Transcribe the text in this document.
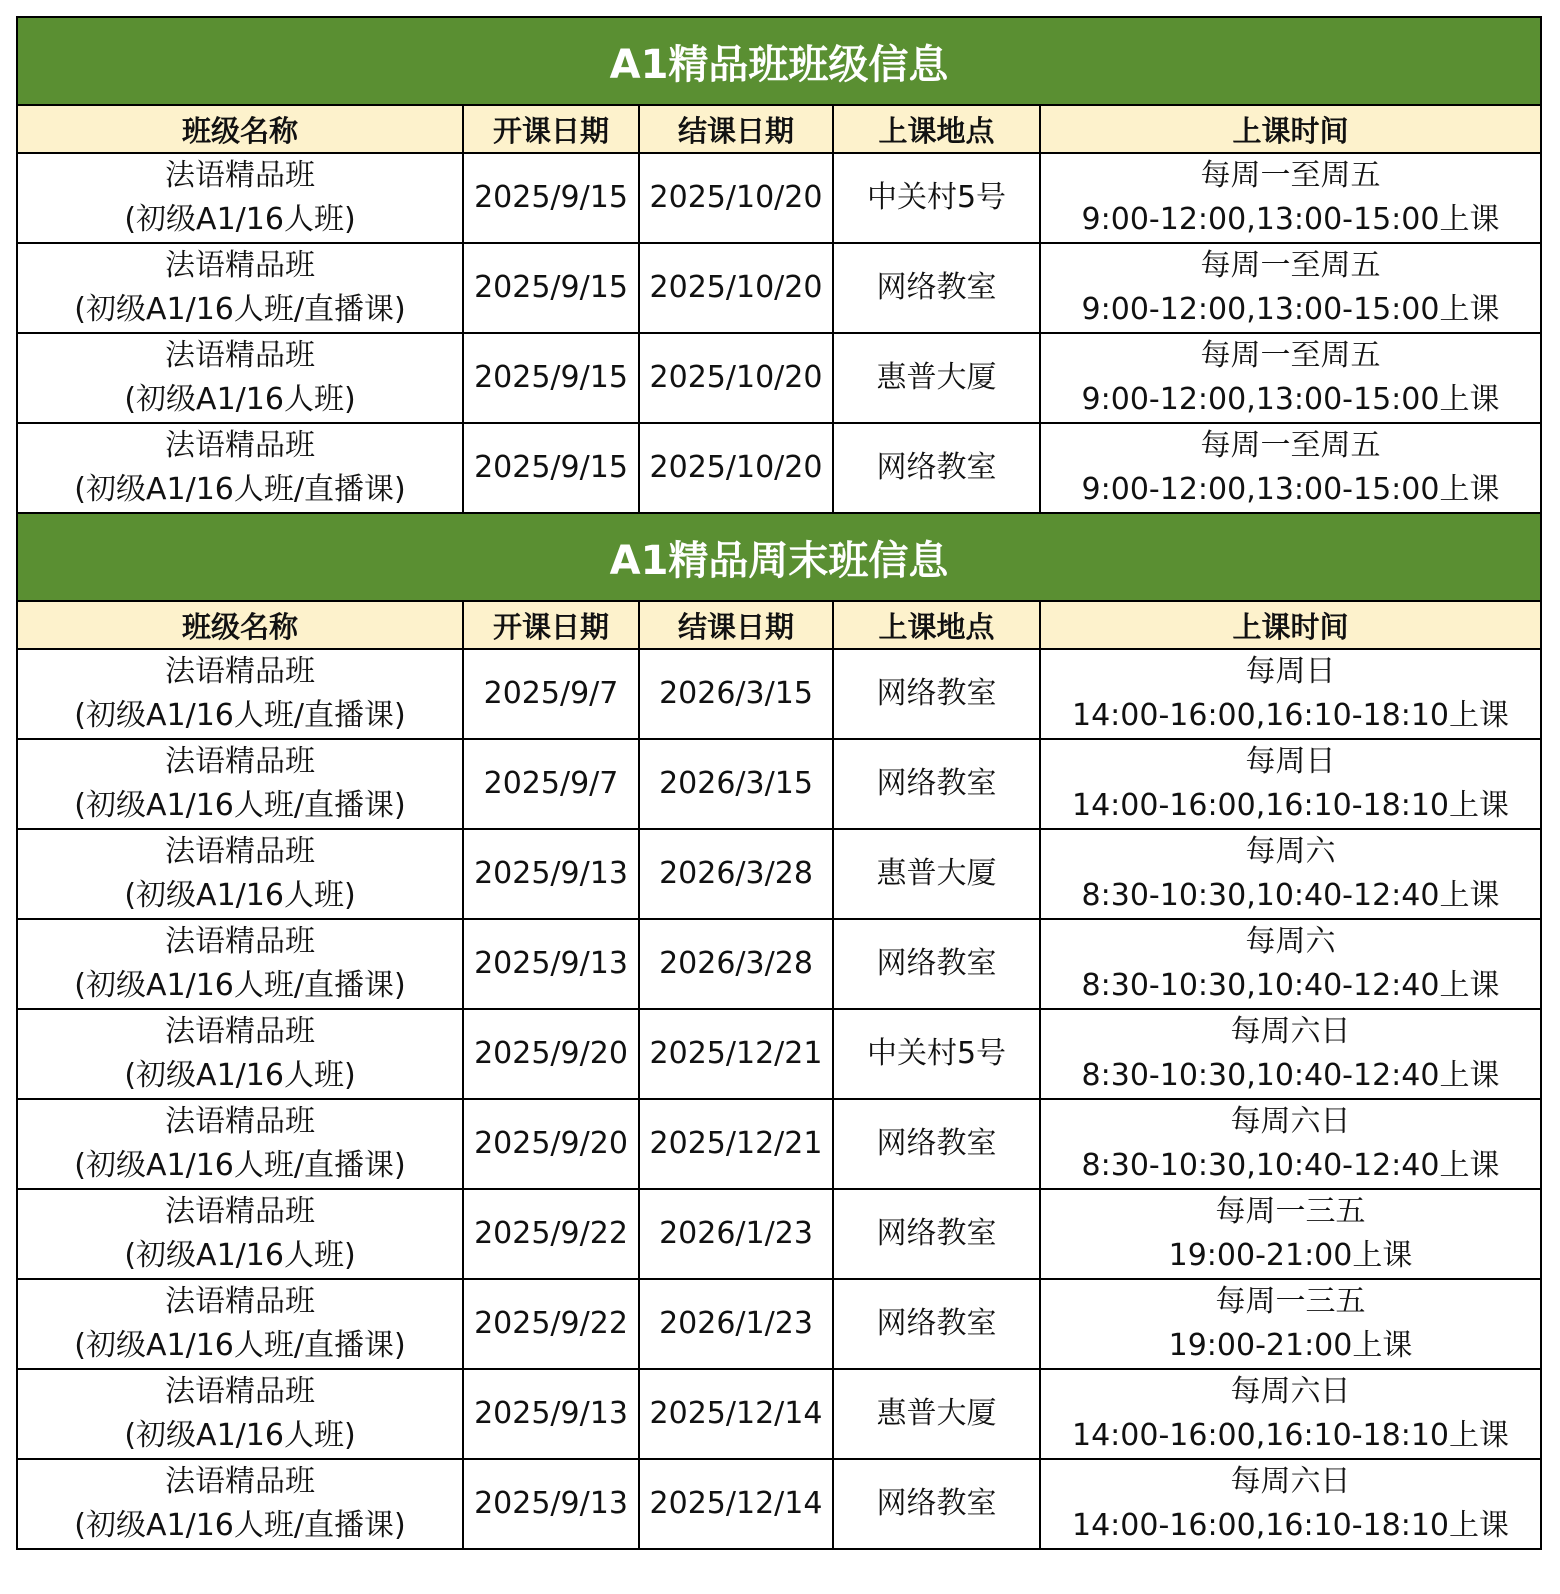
A1精品班班级信息				
班级名称	开课日期	结课日期	上课地点	上课时间

法语精品班
(初级A1/16人班)	2025/9/15	2025/10/20	中关村5号	每周一至周五
9:00-12:00,13:00-15:00上课

法语精品班
(初级A1/16人班/直播课)	2025/9/15	2025/10/20	网络教室	每周一至周五
9:00-12:00,13:00-15:00上课

法语精品班
(初级A1/16人班)	2025/9/15	2025/10/20	惠普大厦	每周一至周五
9:00-12:00,13:00-15:00上课

法语精品班
(初级A1/16人班/直播课)	2025/9/15	2025/10/20	网络教室	每周一至周五
9:00-12:00,13:00-15:00上课

A1精品周末班信息				
班级名称	开课日期	结课日期	上课地点	上课时间

法语精品班
(初级A1/16人班/直播课)	2025/9/7	2026/3/15	网络教室	每周日
14:00-16:00,16:10-18:10上课

法语精品班
(初级A1/16人班/直播课)	2025/9/7	2026/3/15	网络教室	每周日
14:00-16:00,16:10-18:10上课

法语精品班
(初级A1/16人班)	2025/9/13	2026/3/28	惠普大厦	每周六
8:30-10:30,10:40-12:40上课

法语精品班
(初级A1/16人班/直播课)	2025/9/13	2026/3/28	网络教室	每周六
8:30-10:30,10:40-12:40上课

法语精品班
(初级A1/16人班)	2025/9/20	2025/12/21	中关村5号	每周六日
8:30-10:30,10:40-12:40上课

法语精品班
(初级A1/16人班/直播课)	2025/9/20	2025/12/21	网络教室	每周六日
8:30-10:30,10:40-12:40上课

法语精品班
(初级A1/16人班)	2025/9/22	2026/1/23	网络教室	每周一三五
19:00-21:00上课

法语精品班
(初级A1/16人班/直播课)	2025/9/22	2026/1/23	网络教室	每周一三五
19:00-21:00上课

法语精品班
(初级A1/16人班)	2025/9/13	2025/12/14	惠普大厦	每周六日
14:00-16:00,16:10-18:10上课

法语精品班
(初级A1/16人班/直播课)	2025/9/13	2025/12/14	网络教室	每周六日
14:00-16:00,16:10-18:10上课
